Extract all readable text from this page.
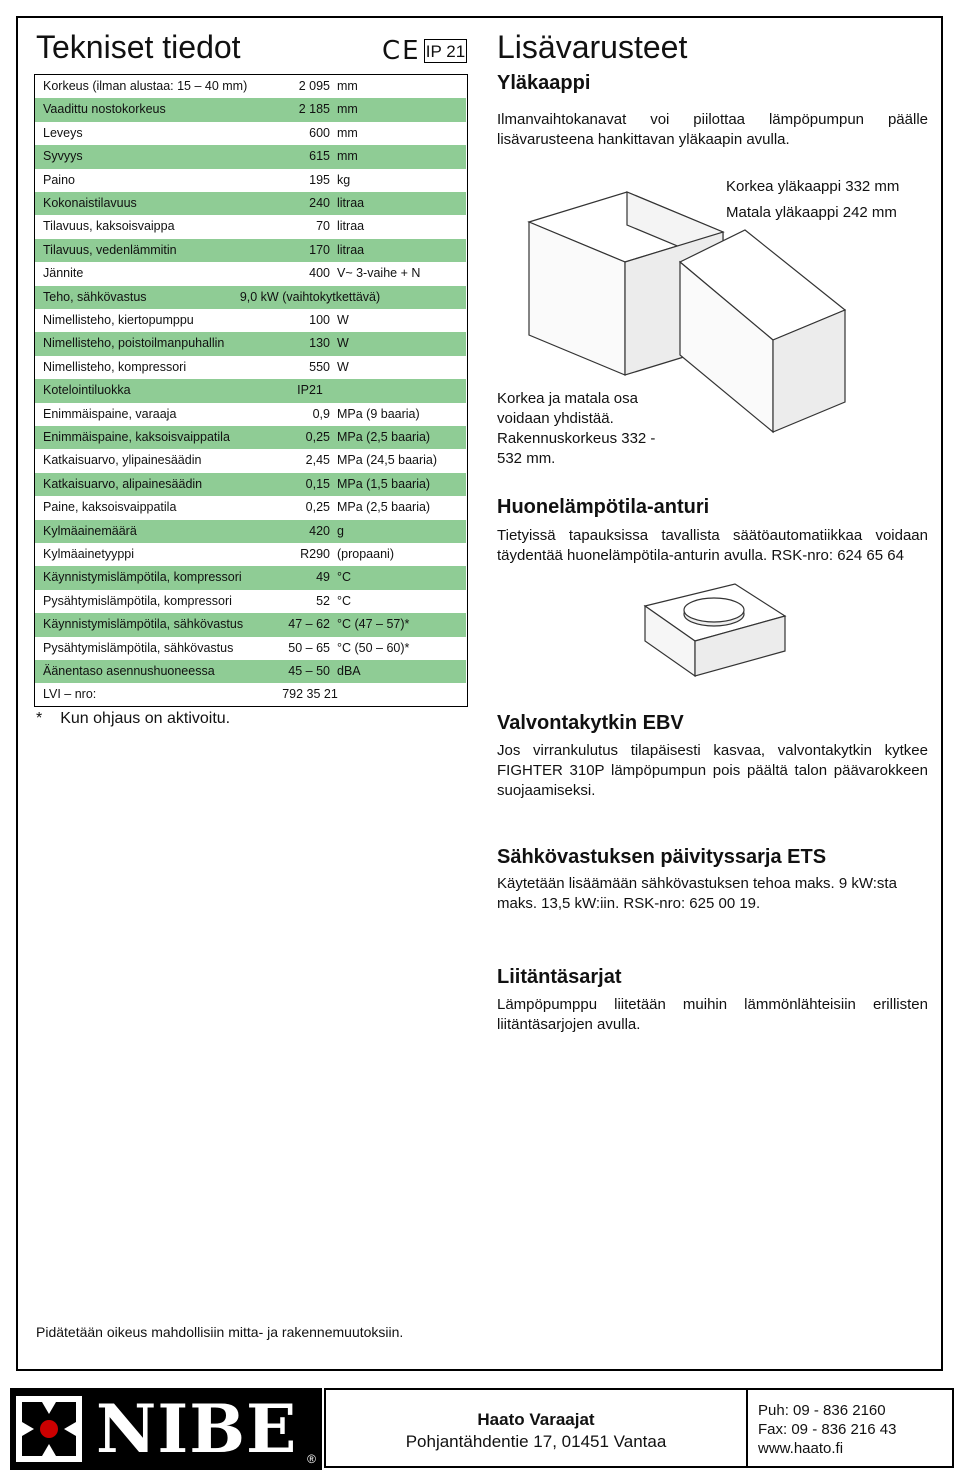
Tekniset tiedot	CE IP 21
Korkeus (ilman alustaa: 15 – 40 mm)	2 095 mm
Vaadittu nostokorkeus	2 185 mm
Leveys	600 mm
Syvyys	615 mm
Paino	195 kg
Kokonaistilavuus	240 litraa
Tilavuus, kaksoisvaippa	70 litraa
Tilavuus, vedenlämmitin	170 litraa
Jännite	400 V~ 3-vaihe + N
Teho, sähkövastus	9,0 kW (vaihtokytkettävä)
Nimellisteho, kiertopumppu	100 W
Nimellisteho, poistoilmanpuhallin	130 W
Nimellisteho, kompressori	550 W
Kotelointiluokka	IP21
Enimmäispaine, varaaja	0,9 MPa (9 baaria)
Enimmäispaine, kaksoisvaippatila	0,25 MPa (2,5 baaria)
Katkaisuarvo, ylipainesäädin	2,45 MPa (24,5 baaria)
Katkaisuarvo, alipainesäädin	0,15 MPa (1,5 baaria)
Paine, kaksoisvaippatila	0,25 MPa (2,5 baaria)
Kylmäainemäärä	420 g
Kylmäainetyyppi	R290 (propaani)
Käynnistymislämpötila, kompressori	49 °C
Pysähtymislämpötila, kompressori	52 °C
Käynnistymislämpötila, sähkövastus	47 – 62 °C (47 – 57)*
Pysähtymislämpötila, sähkövastus	50 – 65 °C (50 – 60)*
Äänentaso asennushuoneessa	45 – 50 dBA
LVI – nro:	792 35 21
* Kun ohjaus on aktivoitu.
Lisävarusteet
Yläkaappi

Ilmanvaihtokanavat voi piilottaa lämpöpumpun päälle lisävarusteena hankittavan yläkaapin avulla.

Korkea yläkaappi 332 mm
Matala yläkaappi 242 mm
Korkea ja matala osa voidaan yhdistää. Rakennuskorkeus 332 - 532 mm.
Huonelämpötila-anturi

Tietyissä tapauksissa tavallista säätöautomatiikkaa voidaan täydentää huonelämpötila-anturin avulla. RSK-nro: 624 65 64

Valvontakytkin EBV

Jos virrankulutus tilapäisesti kasvaa, valvontakytkin kytkee FIGHTER 310P lämpöpumpun pois päältä talon päävarokkeen suojaamiseksi.

Sähkövastuksen päivityssarja ETS

Käytetään lisäämään sähkövastuksen tehoa maks. 9 kW:sta maks. 13,5 kW:iin. RSK-nro: 625 00 19.

Liitäntäsarjat

Lämpöpumppu liitetään muihin lämmönlähteisiin erillisten liitäntäsarjojen avulla.

Pidätetään oikeus mahdollisiin mitta- ja rakennemuutoksiin.
NIBE ®
Haato Varaajat
Pohjantähdentie 17, 01451 Vantaa
Puh: 09 - 836 2160
Fax: 09 - 836 216 43
www.haato.fi
